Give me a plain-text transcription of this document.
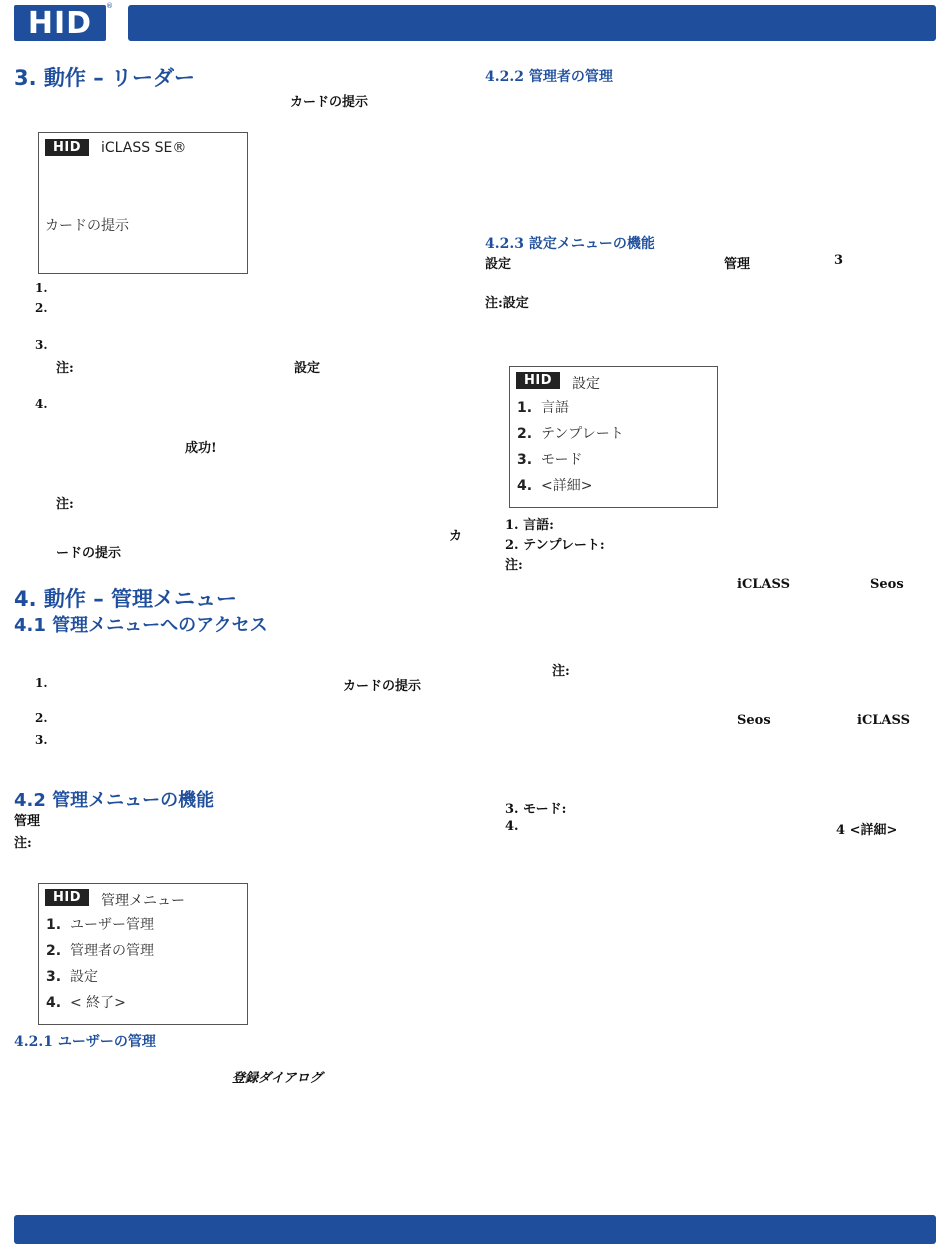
HID ®
3. 動作 – リーダー
カードの提示
HID	iCLASS SE®
カードの提示
1.
2.
3.
注:	設定
4.
成功!
注:
カ
ードの提示
4. 動作 – 管理メニュー
4.1 管理メニューへのアクセス
1.	カードの提示
2.
3.
4.2 管理メニューの機能
管理
注:
HID	管理メニュー
1. ユーザー管理
2. 管理者の管理
3. 設定
4. < 終了>
4.2.1 ユーザーの管理
登録ダイアログ
4.2.2 管理者の管理
4.2.3 設定メニューの機能
設定	管理	3
注:設定
HID	設定
1. 言語
2. テンプレート
3. モード
4. <詳細>
1. 言語:
2. テンプレート:
注:
iCLASS	Seos
注:
Seos	iCLASS
3. モード:
4.	4 <詳細>
